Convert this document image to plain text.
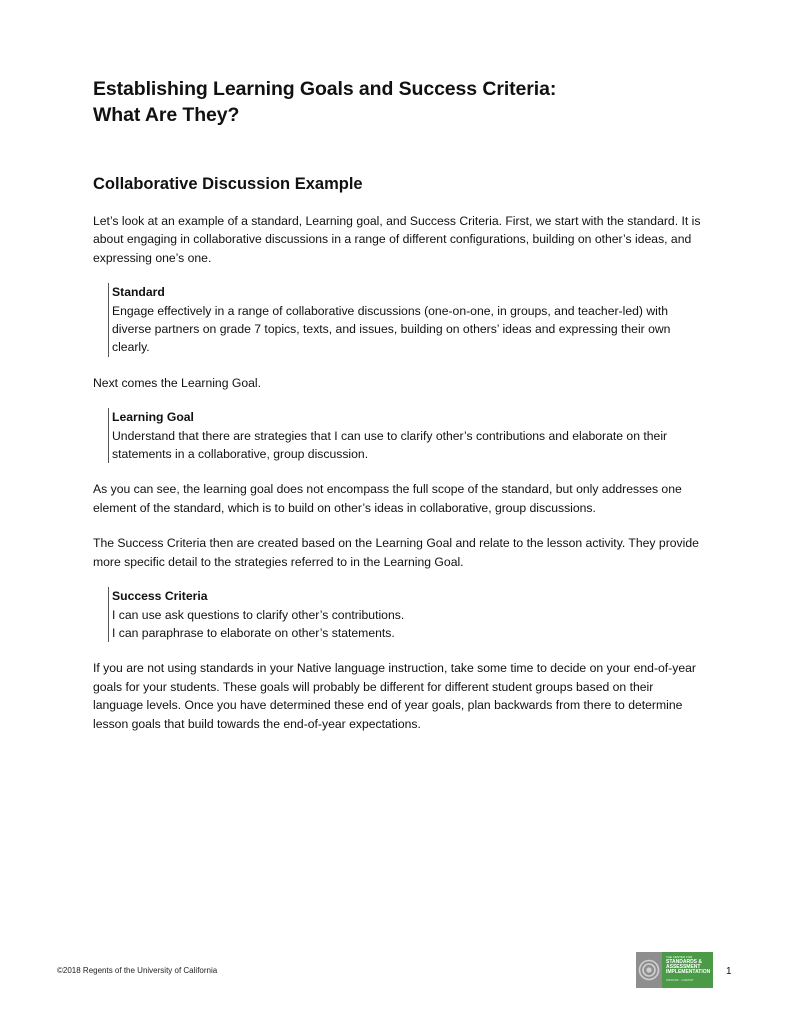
Establishing Learning Goals and Success Criteria:
What Are They?
Collaborative Discussion Example

Let’s look at an example of a standard, Learning goal, and Success Criteria. First, we start with the standard. It is about engaging in collaborative discussions in a range of different configurations, building on other’s ideas, and expressing one’s one.

Standard
Engage effectively in a range of collaborative discussions (one-on-one, in groups, and teacher-led) with diverse partners on grade 7 topics, texts, and issues, building on others’ ideas and expressing their own clearly.

Next comes the Learning Goal.

Learning Goal
Understand that there are strategies that I can use to clarify other’s contributions and elaborate on their statements in a collaborative, group discussion.

As you can see, the learning goal does not encompass the full scope of the standard, but only addresses one element of the standard, which is to build on other’s ideas in collaborative, group discussions.

The Success Criteria then are created based on the Learning Goal and relate to the lesson activity. They provide more specific detail to the strategies referred to in the Learning Goal.

Success Criteria
I can use ask questions to clarify other’s contributions.
I can paraphrase to elaborate on other’s statements.

If you are not using standards in your Native language instruction, take some time to decide on your end-of-year goals for your students. These goals will probably be different for different student groups based on their language levels. Once you have determined these end of year goals, plan backwards from there to determine lesson goals that build towards the end-of-year expectations.

©2018 Regents of the University of California
THE CENTER FOR
STANDARDS &
ASSESSMENT
IMPLEMENTATION
WESTED · CRESST
1
